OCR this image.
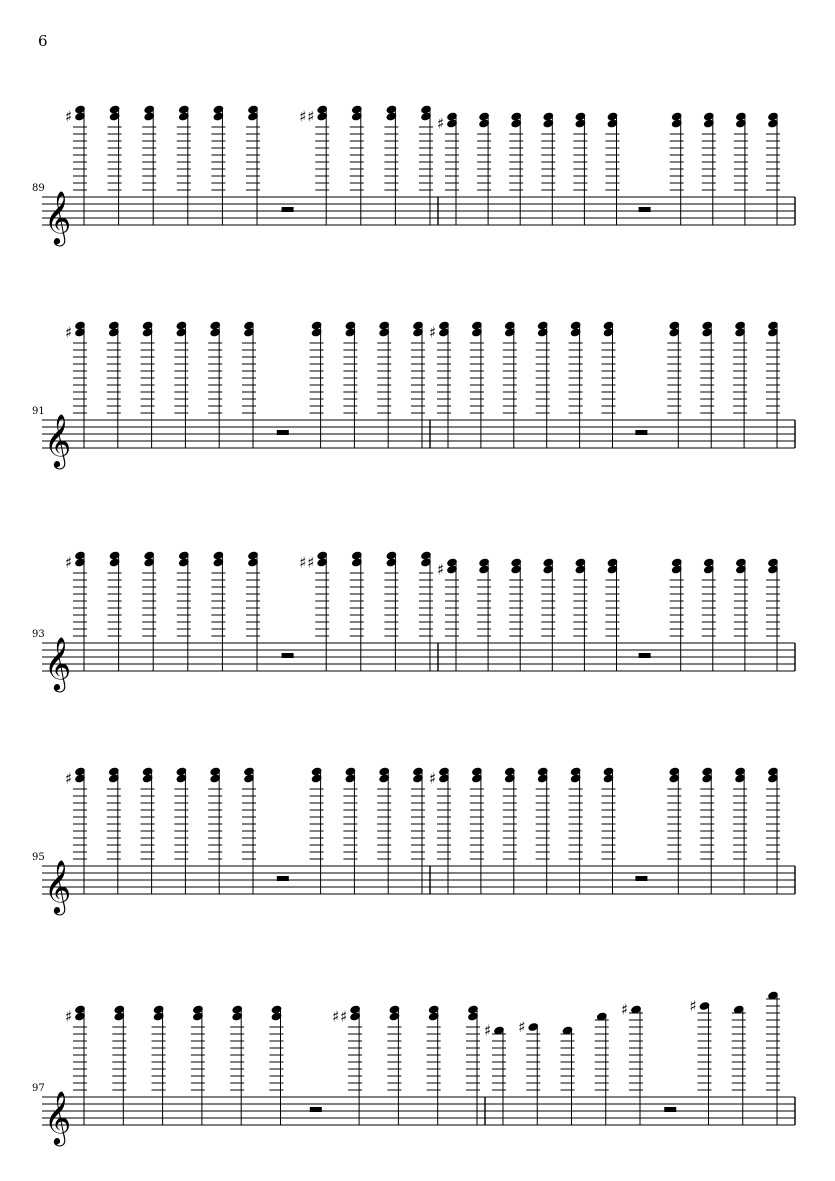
6
𝄞
89
♯	♯
♯	♯
𝄞
91
♯	♯
𝄞
93
♯	♯
♯	♯
𝄞
95
♯	♯
𝄞
97
♯	♯
♯
♯ ♯
♯	♯
